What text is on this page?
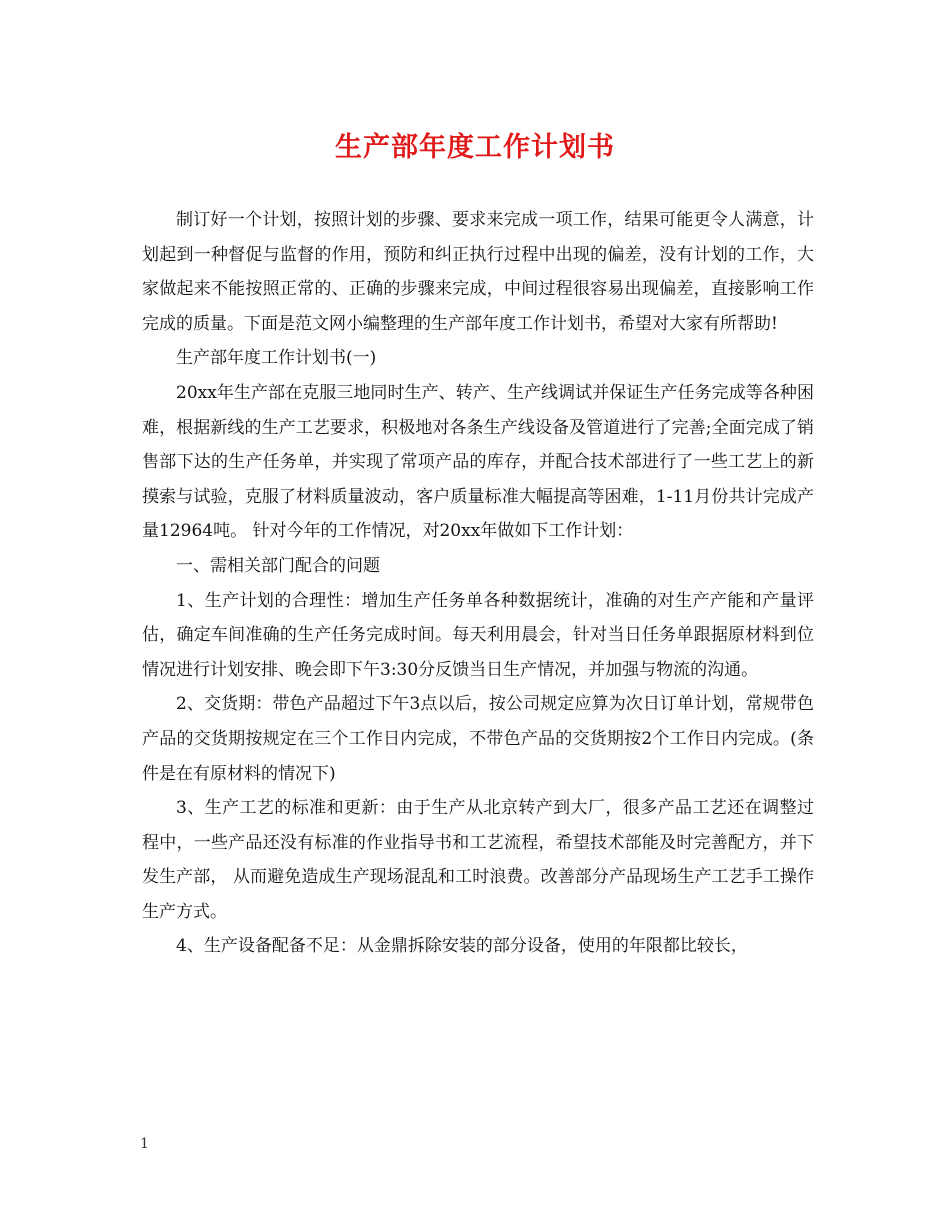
生产部年度工作计划书

制订好一个计划，按照计划的步骤、要求来完成一项工作，结果可能更令人满意，计划起到一种督促与监督的作用，预防和纠正执行过程中出现的偏差，没有计划的工作，大家做起来不能按照正常的、正确的步骤来完成，中间过程很容易出现偏差，直接影响工作完成的质量。下面是范文网小编整理的生产部年度工作计划书，希望对大家有所帮助!

生产部年度工作计划书(一)

20xx年生产部在克服三地同时生产、转产、生产线调试并保证生产任务完成等各种困难，根据新线的生产工艺要求，积极地对各条生产线设备及管道进行了完善;全面完成了销售部下达的生产任务单，并实现了常项产品的库存，并配合技术部进行了一些工艺上的新摸索与试验，克服了材料质量波动，客户质量标准大幅提高等困难，1-11月份共计完成产量12964吨。 针对今年的工作情况，对20xx年做如下工作计划：

一、需相关部门配合的问题

1、生产计划的合理性：增加生产任务单各种数据统计，准确的对生产产能和产量评估，确定车间准确的生产任务完成时间。每天利用晨会，针对当日任务单跟据原材料到位情况进行计划安排、晚会即下午3:30分反馈当日生产情况，并加强与物流的沟通。

2、交货期：带色产品超过下午3点以后，按公司规定应算为次日订单计划，常规带色产品的交货期按规定在三个工作日内完成，不带色产品的交货期按2个工作日内完成。(条件是在有原材料的情况下)

3、生产工艺的标准和更新：由于生产从北京转产到大厂，很多产品工艺还在调整过程中，一些产品还没有标准的作业指导书和工艺流程，希望技术部能及时完善配方，并下发生产部， 从而避免造成生产现场混乱和工时浪费。改善部分产品现场生产工艺手工操作生产方式。

4、生产设备配备不足：从金鼎拆除安装的部分设备，使用的年限都比较长，

1
